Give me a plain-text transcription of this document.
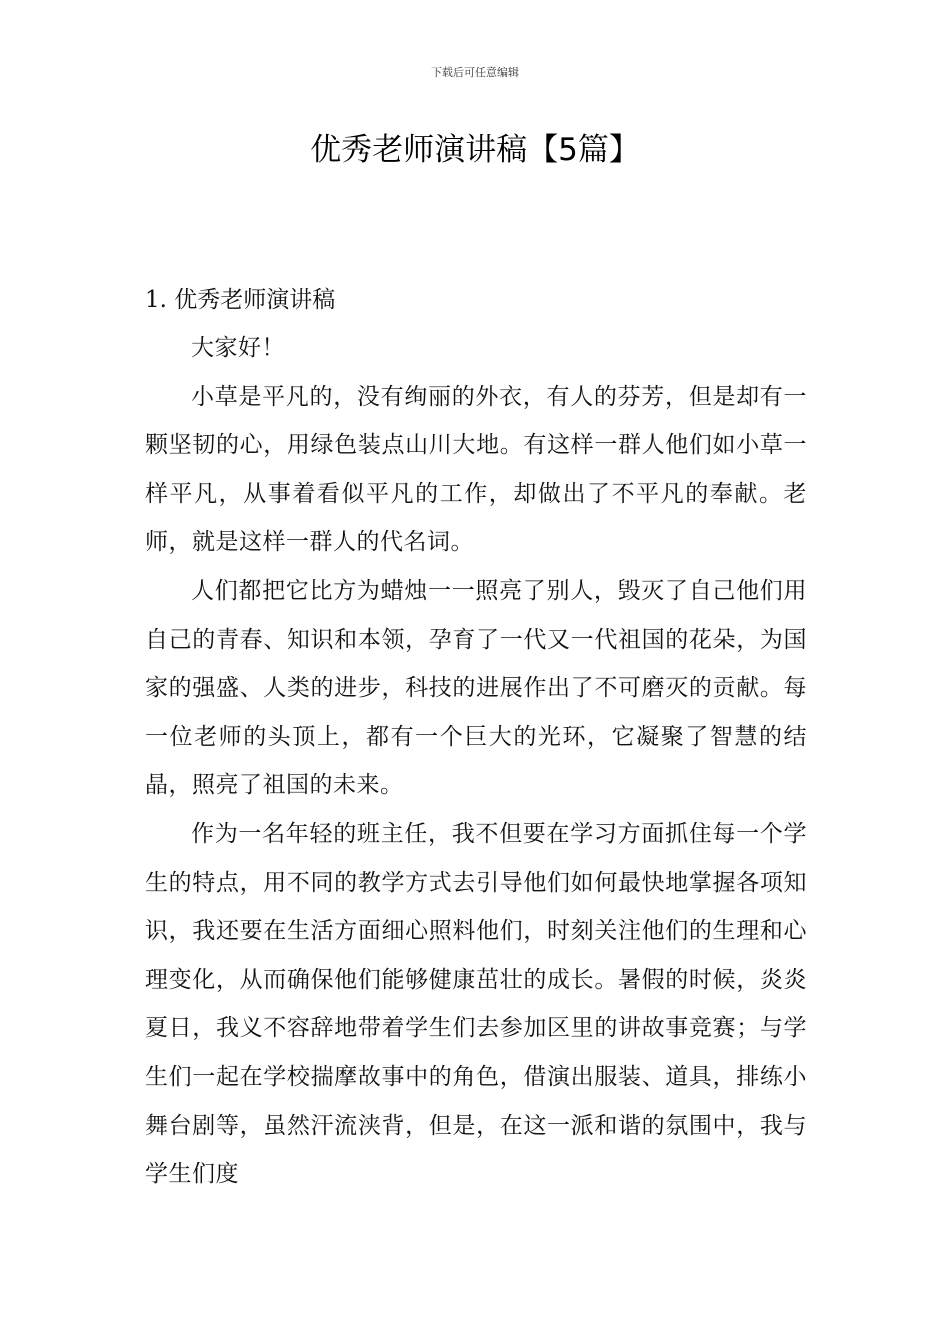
下载后可任意编辑
优秀老师演讲稿【5篇】
1. 优秀老师演讲稿

大家好！

小草是平凡的，没有绚丽的外衣，有人的芬芳，但是却有一颗坚韧的心，用绿色装点山川大地。有这样一群人他们如小草一样平凡，从事着看似平凡的工作，却做出了不平凡的奉献。老师，就是这样一群人的代名词。

人们都把它比方为蜡烛一一照亮了别人，毁灭了自己他们用自己的青春、知识和本领，孕育了一代又一代祖国的花朵，为国家的强盛、人类的进步，科技的进展作出了不可磨灭的贡献。每一位老师的头顶上，都有一个巨大的光环，它凝聚了智慧的结晶，照亮了祖国的未来。

作为一名年轻的班主任，我不但要在学习方面抓住每一个学生的特点，用不同的教学方式去引导他们如何最快地掌握各项知识，我还要在生活方面细心照料他们，时刻关注他们的生理和心理变化，从而确保他们能够健康茁壮的成长。暑假的时候，炎炎夏日，我义不容辞地带着学生们去参加区里的讲故事竞赛；与学生们一起在学校揣摩故事中的角色，借演出服装、道具，排练小舞台剧等，虽然汗流浃背，但是，在这一派和谐的氛围中，我与学生们度
